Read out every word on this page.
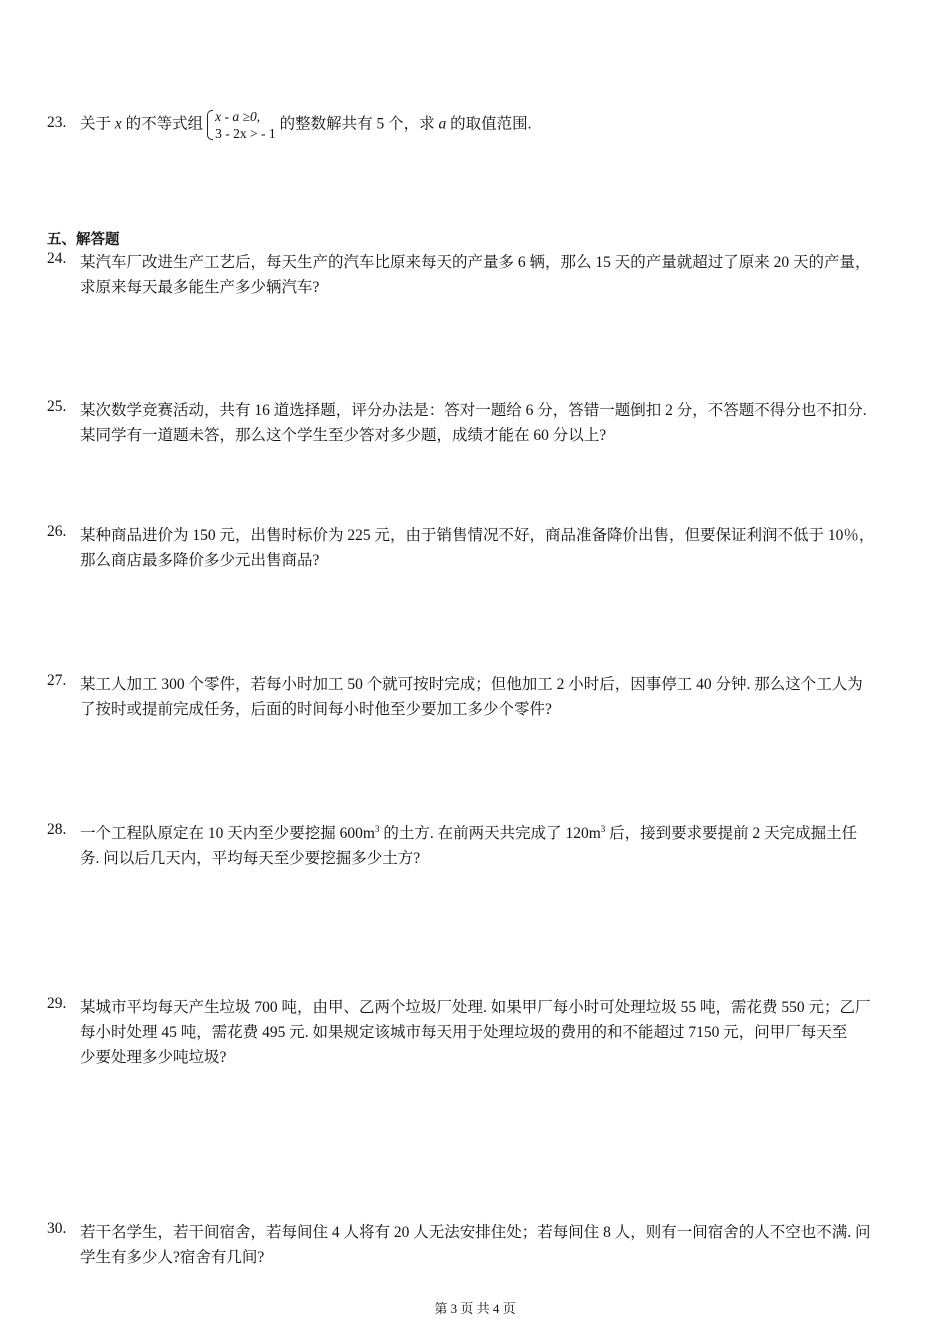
23. 关于 x 的不等式组 x - a ≥0,
3 - 2x > - 1
的整数解共有 5 个，求 a 的取值范围.
五、解答题
24. 某汽车厂改进生产工艺后，每天生产的汽车比原来每天的产量多 6 辆，那么 15 天的产量就超过了原来 20 天的产量，

求原来每天最多能生产多少辆汽车?

25. 某次数学竞赛活动，共有 16 道选择题，评分办法是：答对一题给 6 分，答错一题倒扣 2 分，不答题不得分也不扣分.

某同学有一道题未答，那么这个学生至少答对多少题，成绩才能在 60 分以上?

26. 某种商品进价为 150 元，出售时标价为 225 元，由于销售情况不好，商品准备降价出售，但要保证利润不低于 10％，

那么商店最多降价多少元出售商品?

27. 某工人加工 300 个零件，若每小时加工 50 个就可按时完成；但他加工 2 小时后，因事停工 40 分钟. 那么这个工人为

了按时或提前完成任务，后面的时间每小时他至少要加工多少个零件?

28. 一个工程队原定在 10 天内至少要挖掘 $600m^3$ 的土方. 在前两天共完成了 $120m^3$ 后，接到要求要提前 2 天完成掘土任

务. 问以后几天内，平均每天至少要挖掘多少土方?

29. 某城市平均每天产生垃圾 700 吨，由甲、乙两个垃圾厂处理. 如果甲厂每小时可处理垃圾 55 吨，需花费 550 元；乙厂

每小时处理 45 吨，需花费 495 元. 如果规定该城市每天用于处理垃圾的费用的和不能超过 7150 元，问甲厂每天至

少要处理多少吨垃圾?

30. 若干名学生，若干间宿舍，若每间住 4 人将有 20 人无法安排住处；若每间住 8 人，则有一间宿舍的人不空也不满. 问

学生有多少人?宿舍有几间?

第 3 页 共 4 页
